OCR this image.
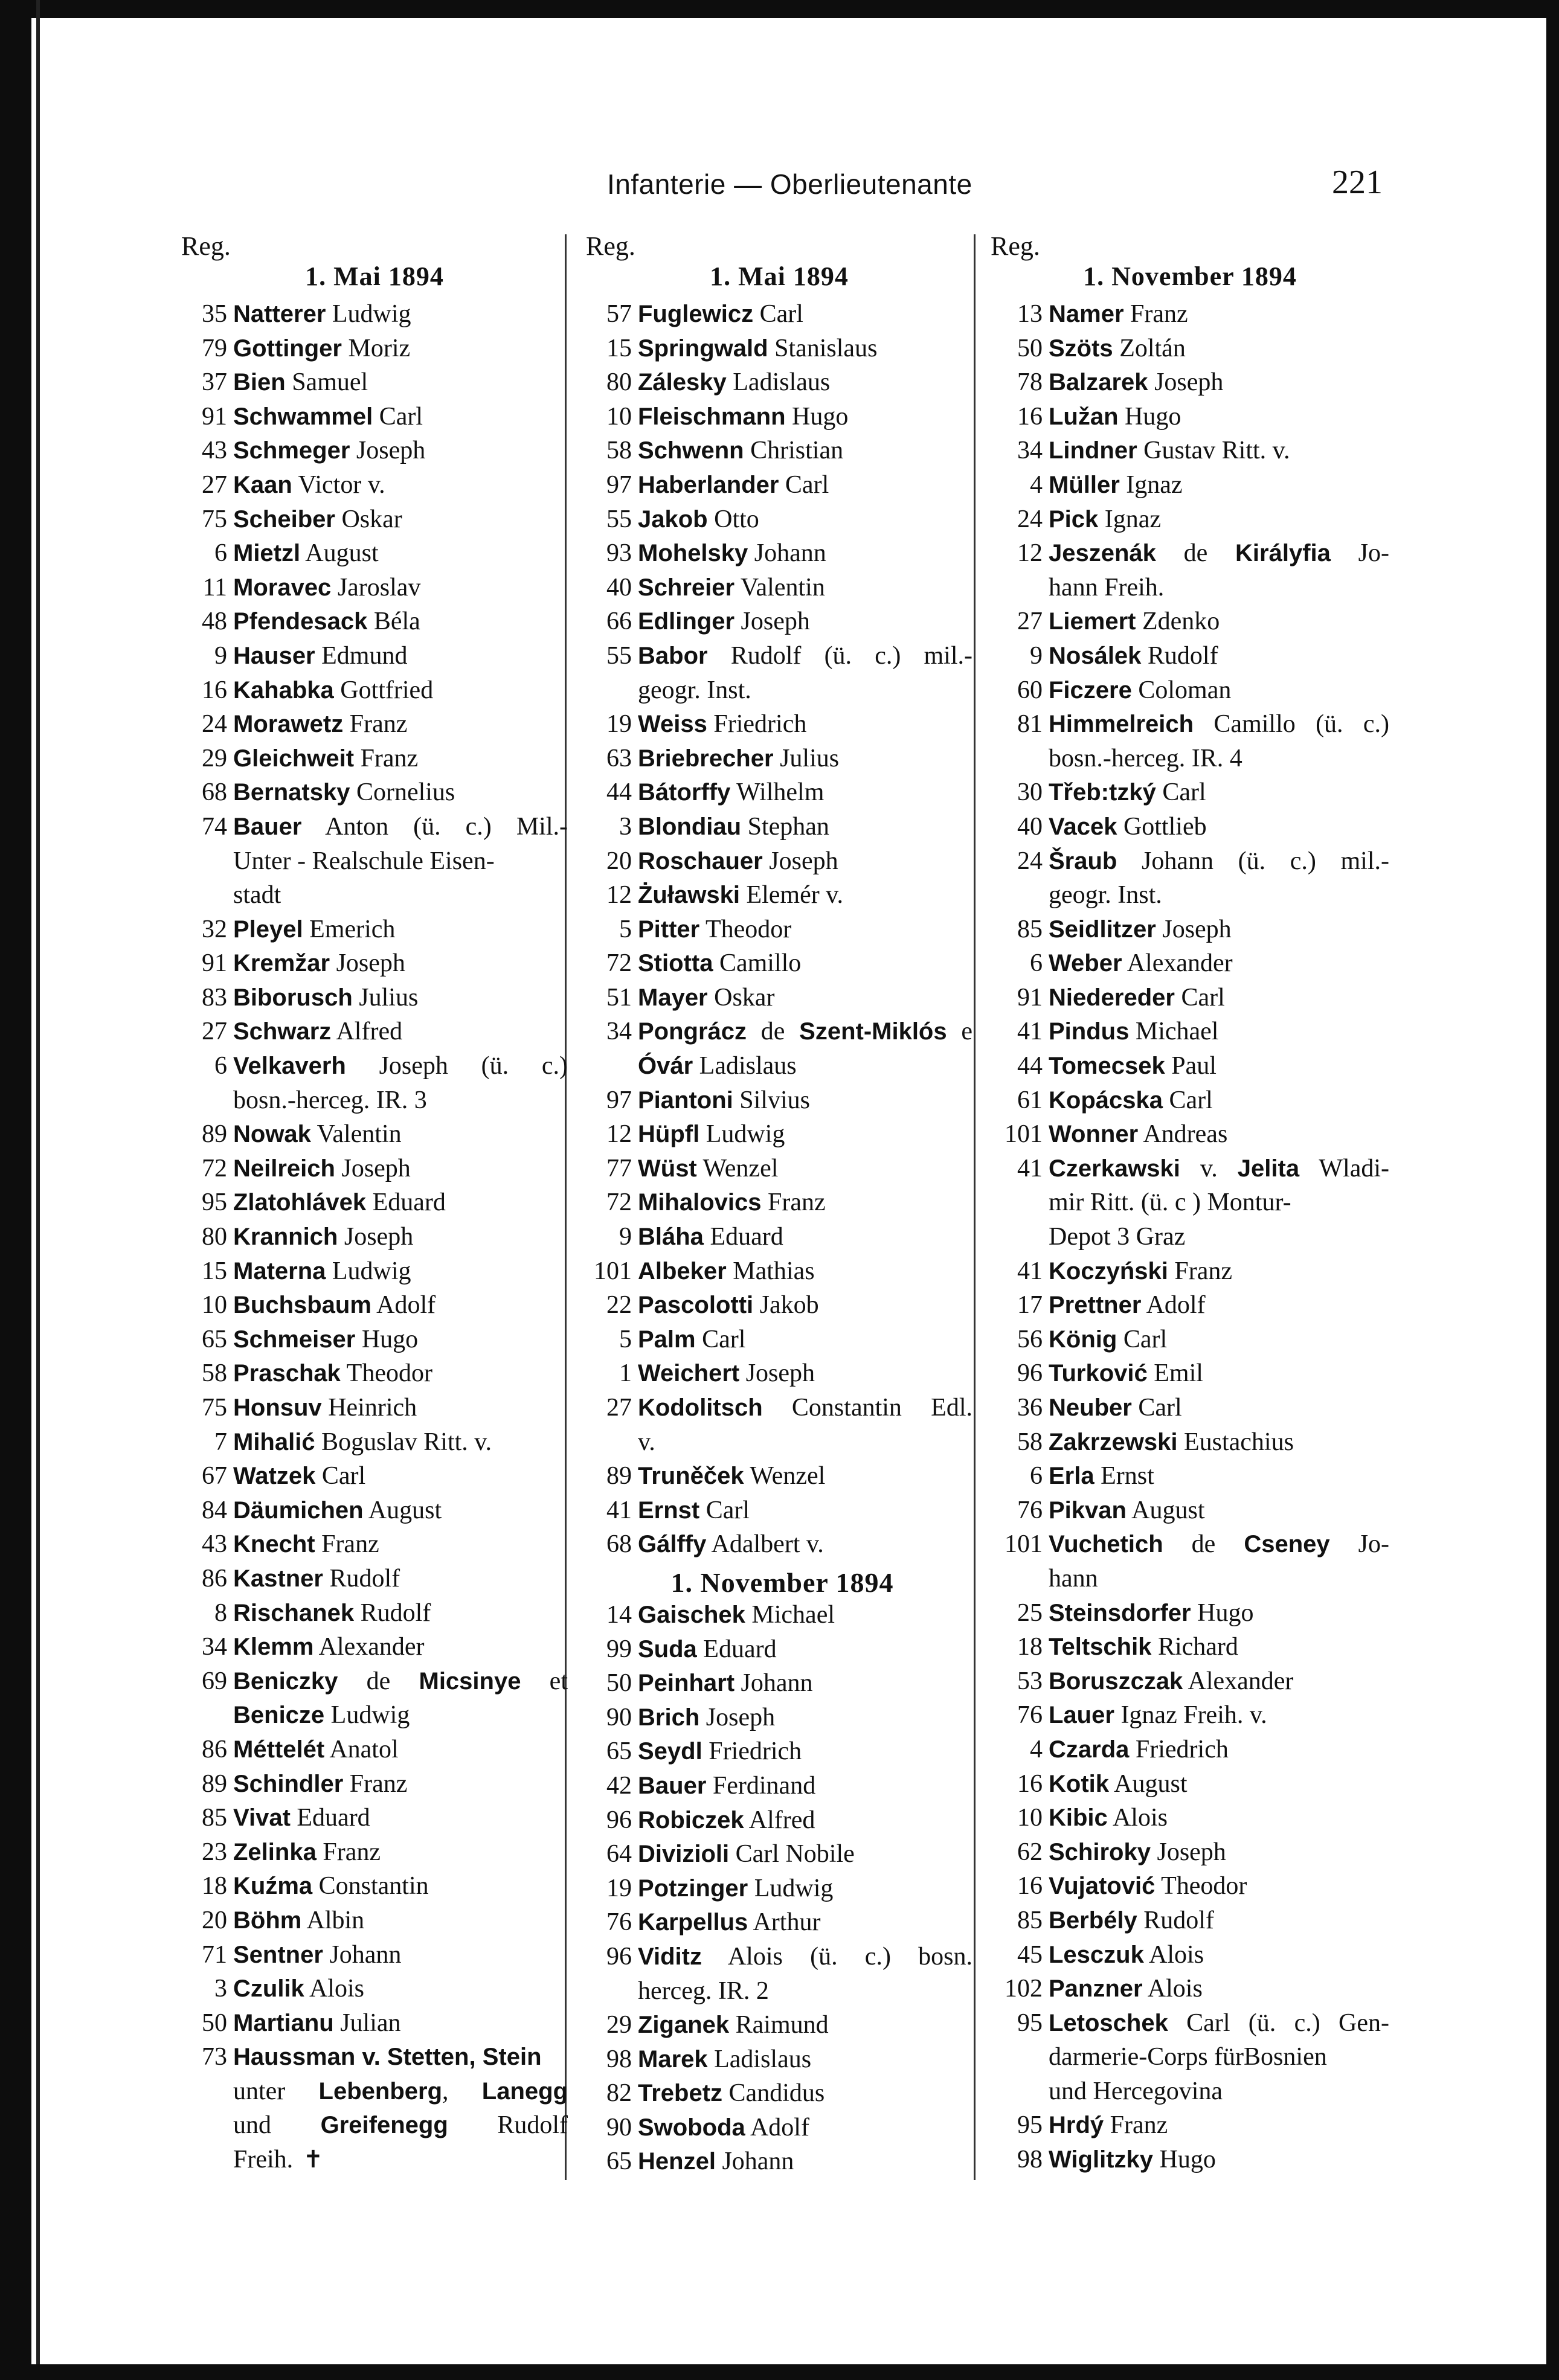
Infanterie — Oberlieutenante	221
Reg.
1. Mai 1894
35 Natterer Ludwig
79 Gottinger Moriz
37 Bien Samuel
91 Schwammel Carl
43 Schmeger Joseph
27 Kaan Victor v.
75 Scheiber Oskar
6 Mietzl August
11 Moravec Jaroslav
48 Pfendesack Béla
9 Hauser Edmund
16 Kahabka Gottfried
24 Morawetz Franz
29 Gleichweit Franz
68 Bernatsky Cornelius
74 Bauer Anton (ü. c.) Mil.-
Unter - Realschule Eisen-
stadt
32 Pleyel Emerich
91 Kremžar Joseph
83 Biborusch Julius
27 Schwarz Alfred
6 Velkaverh Joseph (ü. c.)
bosn.-herceg. IR. 3
89 Nowak Valentin
72 Neilreich Joseph
95 Zlatohlávek Eduard
80 Krannich Joseph
15 Materna Ludwig
10 Buchsbaum Adolf
65 Schmeiser Hugo
58 Praschak Theodor
75 Honsuv Heinrich
7 Mihalić Boguslav Ritt. v.
67 Watzek Carl
84 Däumichen August
43 Knecht Franz
86 Kastner Rudolf
8 Rischanek Rudolf
34 Klemm Alexander
69 Beniczky de Micsinye et
Benicze Ludwig
86 Méttelét Anatol
89 Schindler Franz
85 Vivat Eduard
23 Zelinka Franz
18 Kuźma Constantin
20 Böhm Albin
71 Sentner Johann
3 Czulik Alois
50 Martianu Julian
73 Haussman v. Stetten, Stein
unter Lebenberg, Lanegg
und Greifenegg Rudolf
Freih. ✝
Reg.
1. Mai 1894
57 Fuglewicz Carl
15 Springwald Stanislaus
80 Zálesky Ladislaus
10 Fleischmann Hugo
58 Schwenn Christian
97 Haberlander Carl
55 Jakob Otto
93 Mohelsky Johann
40 Schreier Valentin
66 Edlinger Joseph
55 Babor Rudolf (ü. c.) mil.-
geogr. Inst.
19 Weiss Friedrich
63 Briebrecher Julius
44 Bátorffy Wilhelm
3 Blondiau Stephan
20 Roschauer Joseph
12 Żuławski Elemér v.
5 Pitter Theodor
72 Stiotta Camillo
51 Mayer Oskar
34 Pongrácz de Szent-Miklós e
Óvár Ladislaus
97 Piantoni Silvius
12 Hüpfl Ludwig
77 Wüst Wenzel
72 Mihalovics Franz
9 Bláha Eduard
101 Albeker Mathias
22 Pascolotti Jakob
5 Palm Carl
1 Weichert Joseph
27 Kodolitsch Constantin Edl.
v.
89 Truněček Wenzel
41 Ernst Carl
68 Gálffy Adalbert v.
1. November 1894
14 Gaischek Michael
99 Suda Eduard
50 Peinhart Johann
90 Brich Joseph
65 Seydl Friedrich
42 Bauer Ferdinand
96 Robiczek Alfred
64 Divizioli Carl Nobile
19 Potzinger Ludwig
76 Karpellus Arthur
96 Viditz Alois (ü. c.) bosn.
herceg. IR. 2
29 Ziganek Raimund
98 Marek Ladislaus
82 Trebetz Candidus
90 Swoboda Adolf
65 Henzel Johann
Reg.
1. November 1894
13 Namer Franz
50 Szöts Zoltán
78 Balzarek Joseph
16 Lužan Hugo
34 Lindner Gustav Ritt. v.
4 Müller Ignaz
24 Pick Ignaz
12 Jeszenák de Királyfia Jo-
hann Freih.
27 Liemert Zdenko
9 Nosálek Rudolf
60 Ficzere Coloman
81 Himmelreich Camillo (ü. c.)
bosn.-herceg. IR. 4
30 Třeb:tzký Carl
40 Vacek Gottlieb
24 Šraub Johann (ü. c.) mil.-
geogr. Inst.
85 Seidlitzer Joseph
6 Weber Alexander
91 Niedereder Carl
41 Pindus Michael
44 Tomecsek Paul
61 Kopácska Carl
101 Wonner Andreas
41 Czerkawski v. Jelita Wladi-
mir Ritt. (ü. c ) Montur-
Depot 3 Graz
41 Koczyński Franz
17 Prettner Adolf
56 König Carl
96 Turković Emil
36 Neuber Carl
58 Zakrzewski Eustachius
6 Erla Ernst
76 Pikvan August
101 Vuchetich de Cseney Jo-
hann
25 Steinsdorfer Hugo
18 Teltschik Richard
53 Boruszczak Alexander
76 Lauer Ignaz Freih. v.
4 Czarda Friedrich
16 Kotik August
10 Kibic Alois
62 Schiroky Joseph
16 Vujatović Theodor
85 Berbély Rudolf
45 Lesczuk Alois
102 Panzner Alois
95 Letoschek Carl (ü. c.) Gen-
darmerie-Corps fürBosnien
und Hercegovina
95 Hrdý Franz
98 Wiglitzky Hugo
